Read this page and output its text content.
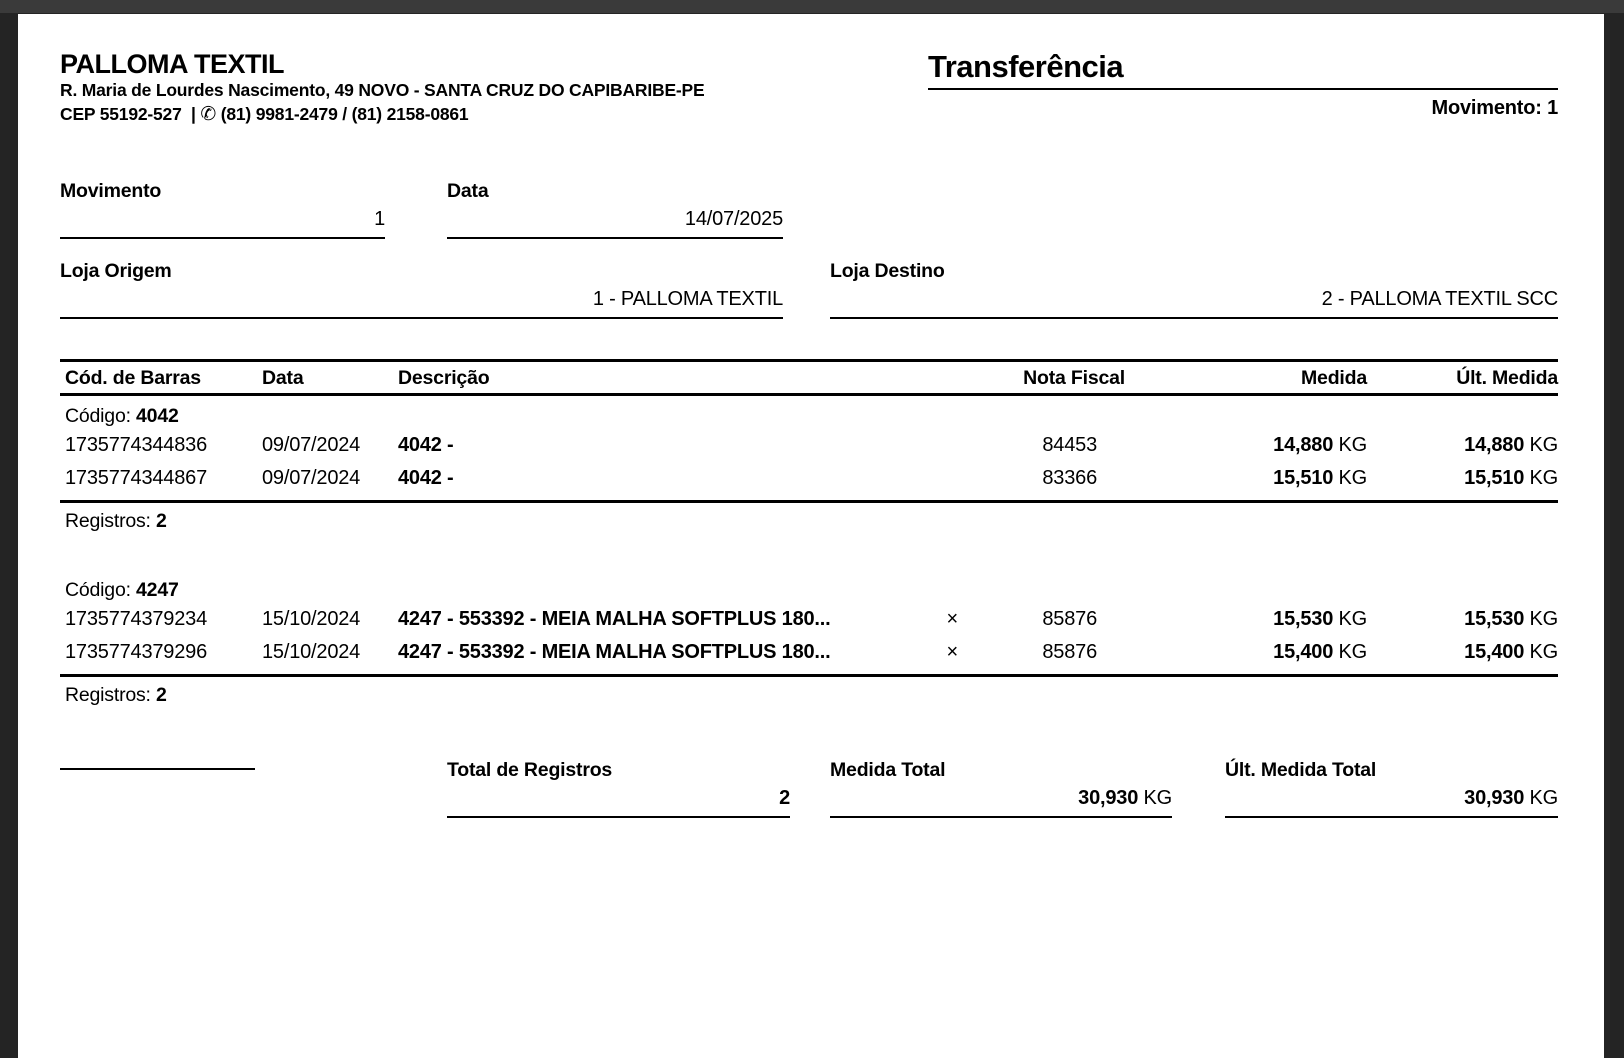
PALLOMA TEXTIL
R. Maria de Lourdes Nascimento, 49 NOVO - SANTA CRUZ DO CAPIBARIBE-PE
CEP 55192-527 | ✆ (81) 9981-2479 / (81) 2158-0861
Transferência
Movimento: 1
Movimento
1
Data
14/07/2025
Loja Origem
1 - PALLOMA TEXTIL
Loja Destino
2 - PALLOMA TEXTIL SCC
Cód. de Barras	Data	Descrição	Nota Fiscal	Medida	Últ. Medida
Código: 4042
1735774344836	09/07/2024	4042 -	84453	14,880 KG	14,880 KG
1735774344867	09/07/2024	4042 -	83366	15,510 KG	15,510 KG
Registros: 2
Código: 4247
1735774379234	15/10/2024	4247 - 553392 - MEIA MALHA SOFTPLUS 180...	×	85876	15,530 KG	15,530 KG
1735774379296	15/10/2024	4247 - 553392 - MEIA MALHA SOFTPLUS 180...	×	85876	15,400 KG	15,400 KG
Registros: 2
Total de Registros
2
Medida Total
30,930 KG
Últ. Medida Total
30,930 KG
